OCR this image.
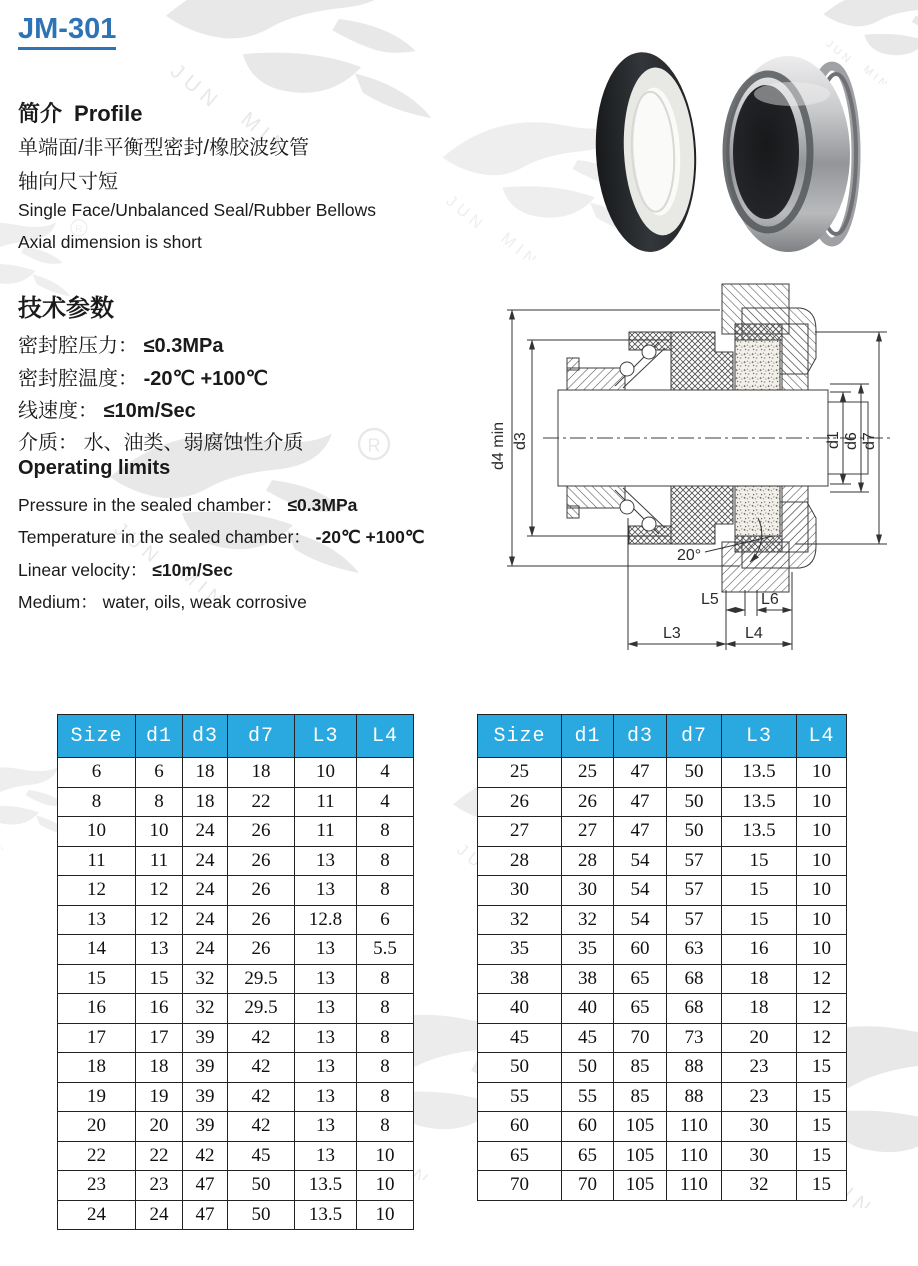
JM-301
简介 Profile

单端面/非平衡型密封/橡胶波纹管

轴向尺寸短

Single Face/Unbalanced Seal/Rubber Bellows

Axial dimension is short

技术参数

密封腔压力： ≤0.3MPa

密封腔温度： -20℃ +100℃

线速度： ≤10m/Sec

介质： 水、油类、弱腐蚀性介质

Operating limits

Pressure in the sealed chamber： ≤0.3MPa

Temperature in the sealed chamber： -20℃ +100℃

Linear velocity： ≤10m/Sec

Medium： water, oils, weak corrosive

d4 min d3	d1 d6 d7
20°
L5	L6
L3	L4
Size	d1	d3	d7	L3	L4
6	6	18	18	10	4
8	8	18	22	11	4
10	10	24	26	11	8
11	11	24	26	13	8
12	12	24	26	13	8
13	12	24	26	12.8	6
14	13	24	26	13	5.5
15	15	32	29.5	13	8
16	16	32	29.5	13	8
17	17	39	42	13	8
18	18	39	42	13	8
19	19	39	42	13	8
20	20	39	42	13	8
22	22	42	45	13	10
23	23	47	50	13.5	10
24	24	47	50	13.5	10
Size	d1	d3	d7	L3	L4
25	25	47	50	13.5	10
26	26	47	50	13.5	10
27	27	47	50	13.5	10
28	28	54	57	15	10
30	30	54	57	15	10
32	32	54	57	15	10
35	35	60	63	16	10
38	38	65	68	18	12
40	40	65	68	18	12
45	45	70	73	20	12
50	50	85	88	23	15
55	55	85	88	23	15
60	60	105	110	30	15
65	65	105	110	30	15
70	70	105	110	32	15
